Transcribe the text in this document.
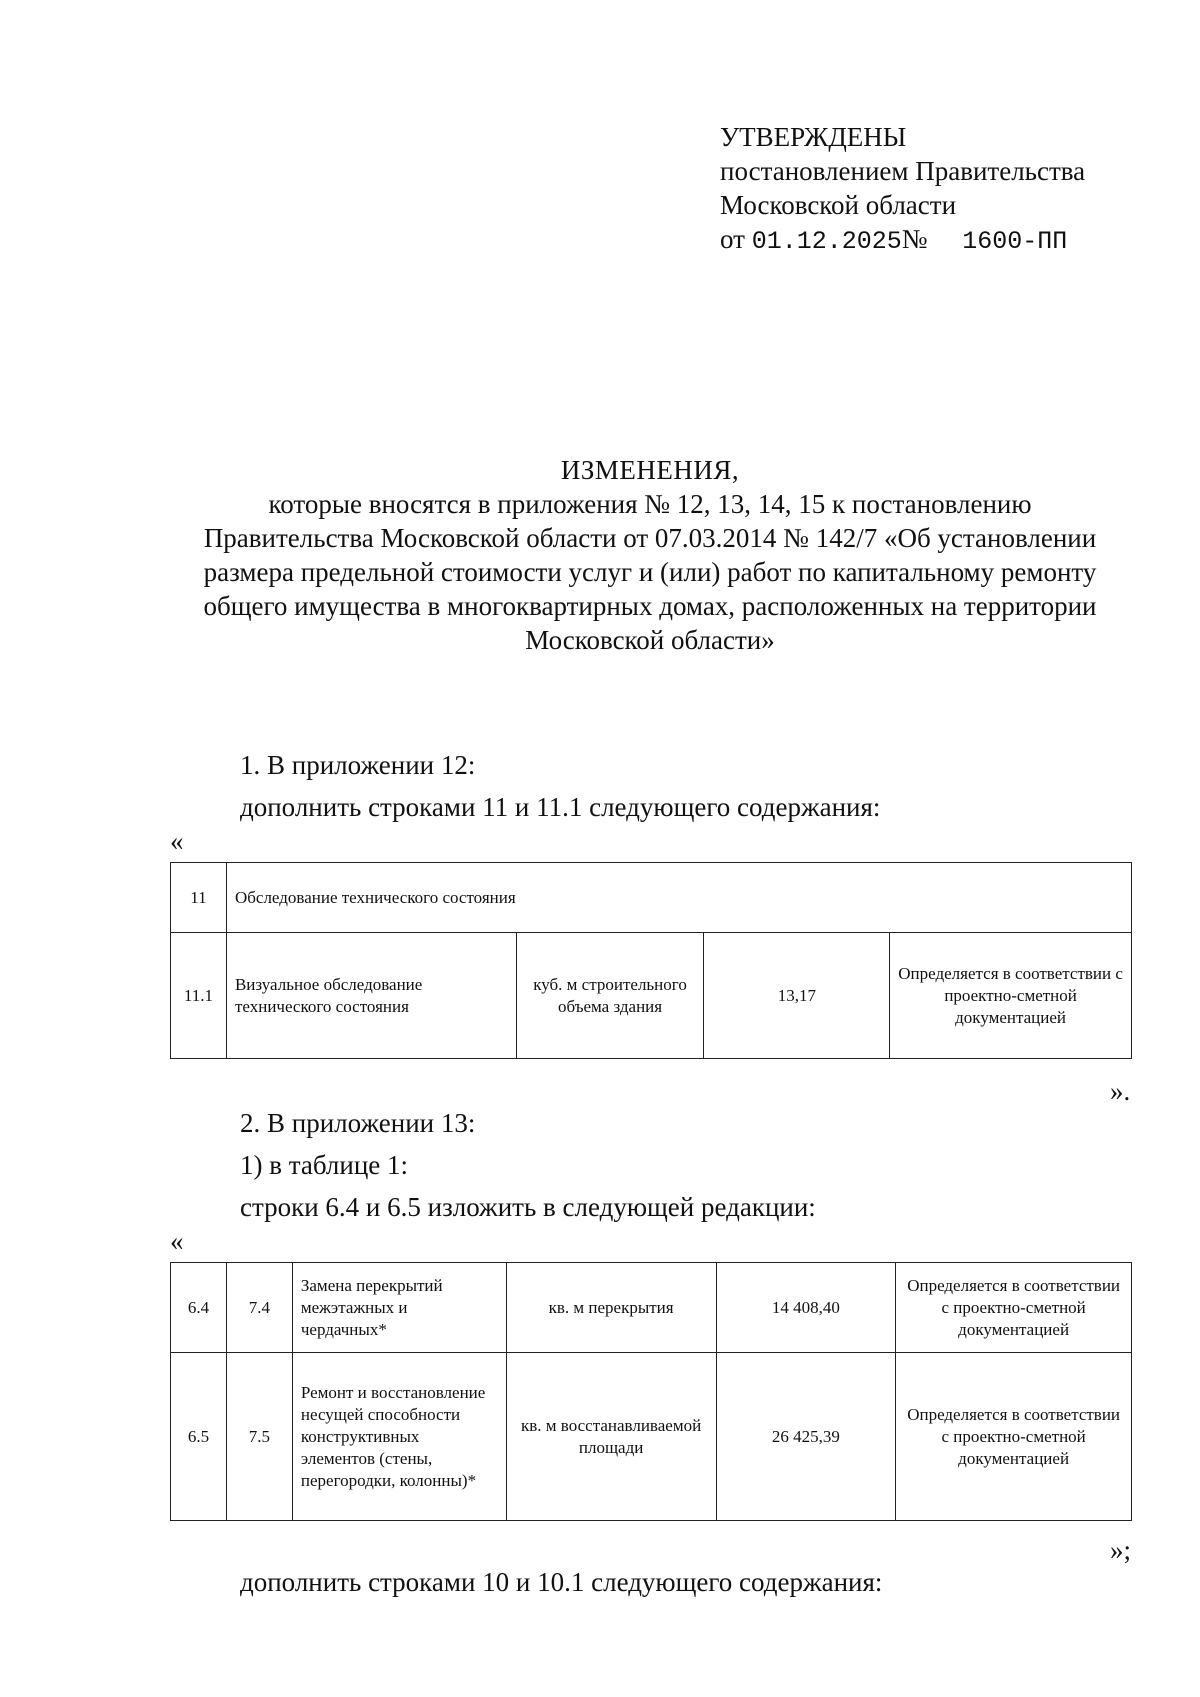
УТВЕРЖДЕНЫ
постановлением Правительства
Московской области
от 01.12.2025№ 1600-ПП
ИЗМЕНЕНИЯ,
которые вносятся в приложения № 12, 13, 14, 15 к постановлению
Правительства Московской области от 07.03.2014 № 142/7 «Об установлении
размера предельной стоимости услуг и (или) работ по капитальному ремонту
общего имущества в многоквартирных домах, расположенных на территории
Московской области»
1. В приложении 12:
дополнить строками 11 и 11.1 следующего содержания:
«
11	Обследование технического состояния			
11.1	Визуальное обследование технического состояния	куб. м строительного объема здания	13,17	Определяется в соответствии с проектно-сметной документацией
».
2. В приложении 13:
1) в таблице 1:
строки 6.4 и 6.5 изложить в следующей редакции:
«
6.4	7.4	Замена перекрытий межэтажных и чердачных*	кв. м перекрытия	14 408,40	Определяется в соответствии с проектно-сметной документацией
6.5	7.5	Ремонт и восстановление несущей способности конструктивных элементов (стены, перегородки, колонны)*	кв. м восстанавливаемой площади	26 425,39	Определяется в соответствии с проектно-сметной документацией
»;
дополнить строками 10 и 10.1 следующего содержания:
